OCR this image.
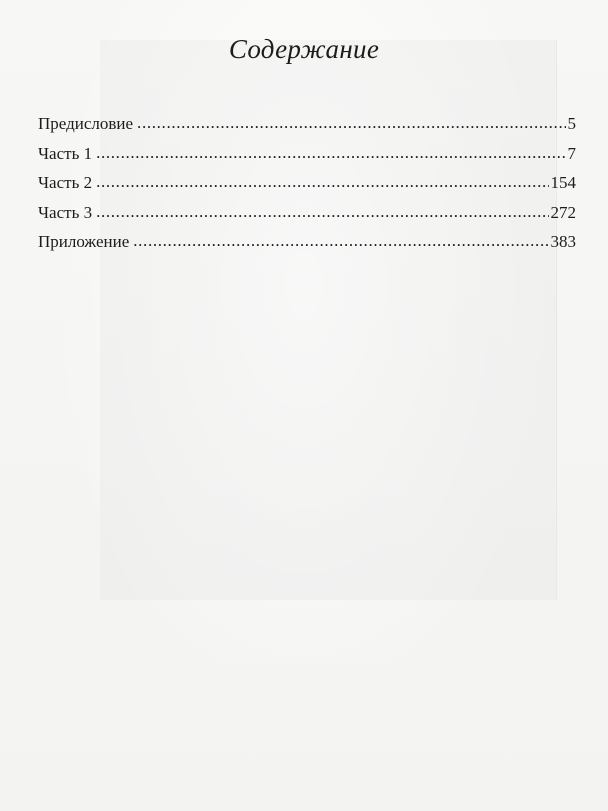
Содержание
Предисловие . . .	5
Часть 1 . . .	7
Часть 2 . . .	154
Часть 3 . . .	272
Приложение . . .	383
